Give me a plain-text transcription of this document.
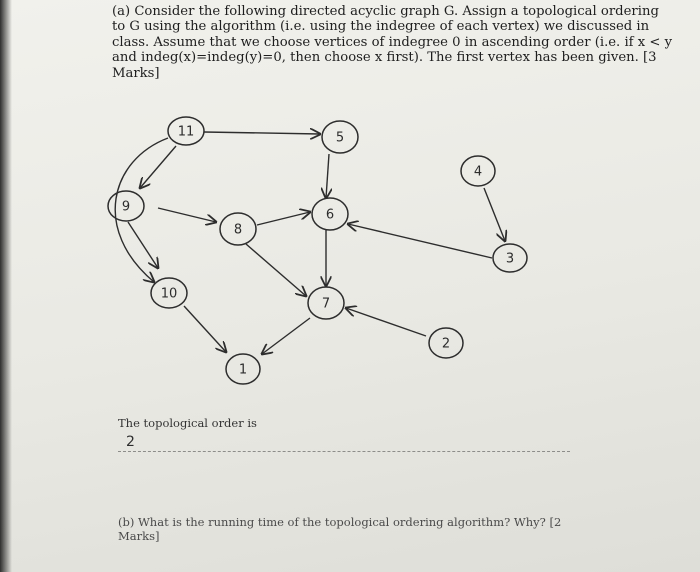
(a) Consider the following directed acyclic graph G. Assign a topological ordering
to G using the algorithm (i.e. using the indegree of each vertex) we discussed in
class. Assume that we choose vertices of indegree 0 in ascending order (i.e. if x < y
and indeg(x)=indeg(y)=0, then choose x first). The first vertex has been given. [3
Marks]
11	5
4
9
8
6
3
10
7
2
1
The topological order is
2
(b) What is the running time of the topological ordering algorithm? Why? [2
Marks]
